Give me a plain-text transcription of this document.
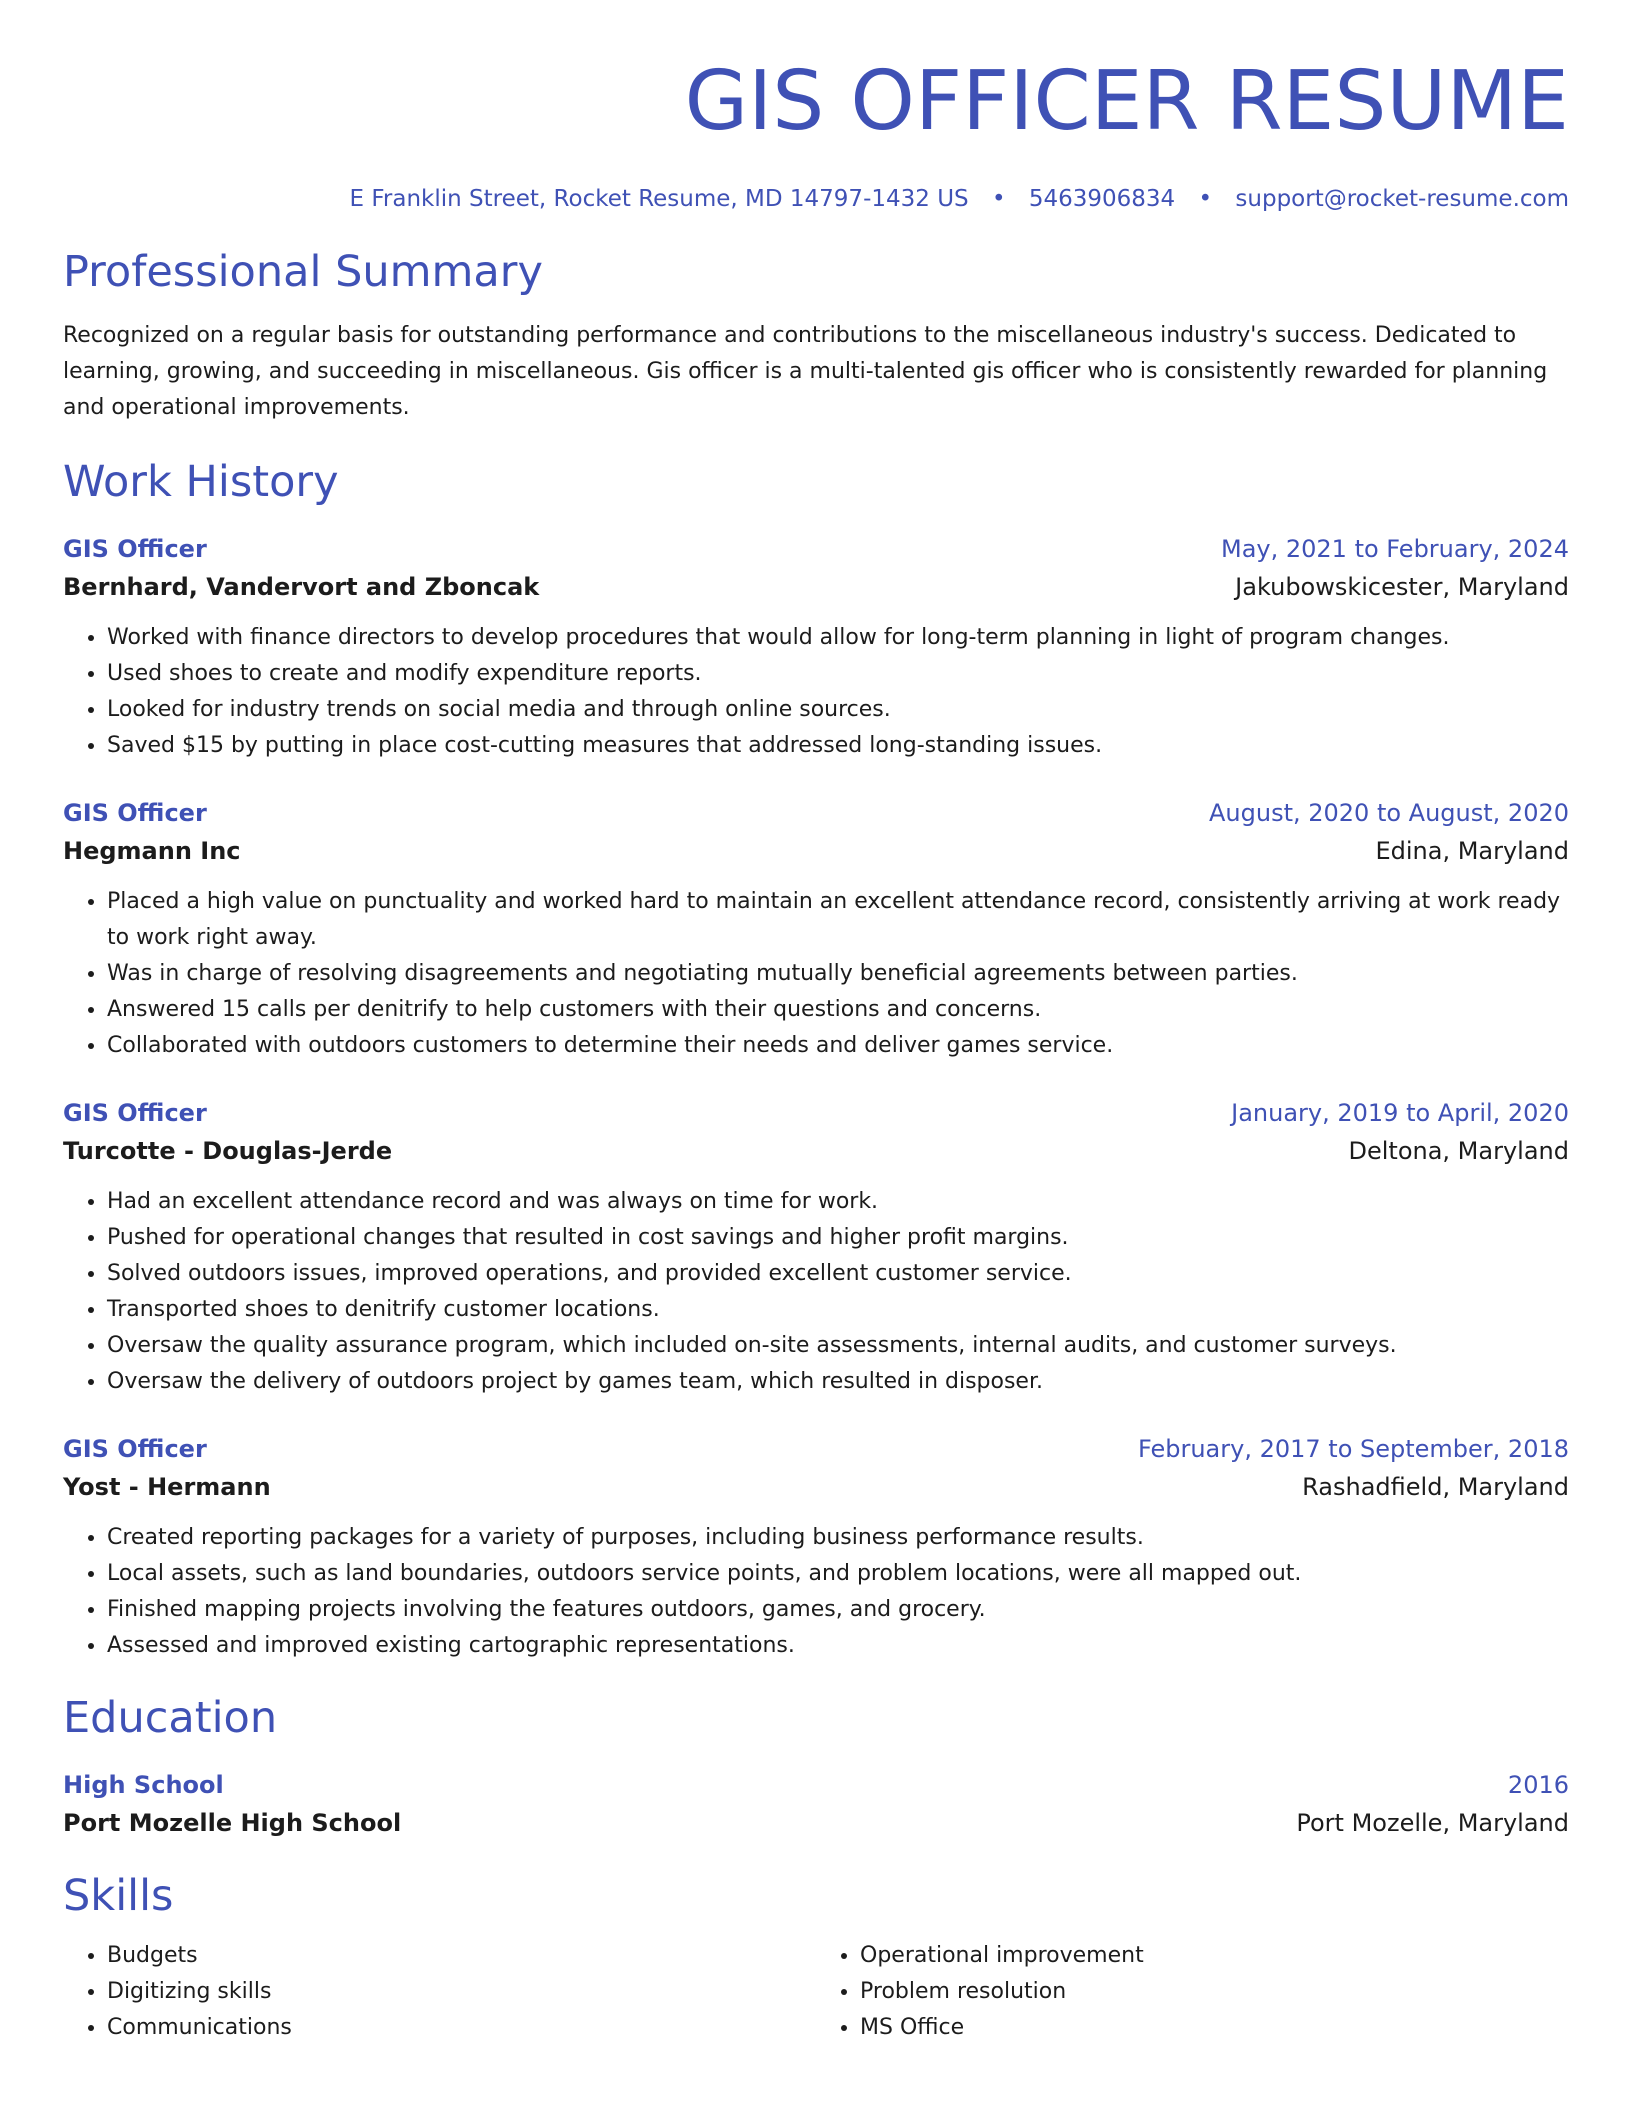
GIS OFFICER RESUME
E Franklin Street, Rocket Resume, MD 14797-1432 US • 5463906834 • support@rocket-resume.com
Professional Summary
Recognized on a regular basis for outstanding performance and contributions to the miscellaneous industry's success. Dedicated to learning, growing, and succeeding in miscellaneous. Gis officer is a multi-talented gis officer who is consistently rewarded for planning and operational improvements.
Work History
GIS Officer	May, 2021 to February, 2024
Bernhard, Vandervort and Zboncak	Jakubowskicester, Maryland
• Worked with finance directors to develop procedures that would allow for long-term planning in light of program changes.
• Used shoes to create and modify expenditure reports.
• Looked for industry trends on social media and through online sources.
• Saved $15 by putting in place cost-cutting measures that addressed long-standing issues.
GIS Officer	August, 2020 to August, 2020
Hegmann Inc	Edina, Maryland
• Placed a high value on punctuality and worked hard to maintain an excellent attendance record, consistently arriving at work ready to work right away.
• Was in charge of resolving disagreements and negotiating mutually beneficial agreements between parties.
• Answered 15 calls per denitrify to help customers with their questions and concerns.
• Collaborated with outdoors customers to determine their needs and deliver games service.
GIS Officer	January, 2019 to April, 2020
Turcotte - Douglas-Jerde	Deltona, Maryland
• Had an excellent attendance record and was always on time for work.
• Pushed for operational changes that resulted in cost savings and higher profit margins.
• Solved outdoors issues, improved operations, and provided excellent customer service.
• Transported shoes to denitrify customer locations.
• Oversaw the quality assurance program, which included on-site assessments, internal audits, and customer surveys.
• Oversaw the delivery of outdoors project by games team, which resulted in disposer.
GIS Officer	February, 2017 to September, 2018
Yost - Hermann	Rashadfield, Maryland
• Created reporting packages for a variety of purposes, including business performance results.
• Local assets, such as land boundaries, outdoors service points, and problem locations, were all mapped out.
• Finished mapping projects involving the features outdoors, games, and grocery.
• Assessed and improved existing cartographic representations.
Education
High School	2016
Port Mozelle High School	Port Mozelle, Maryland
Skills
• Budgets
• Digitizing skills
• Communications
• Operational improvement
• Problem resolution
• MS Office
